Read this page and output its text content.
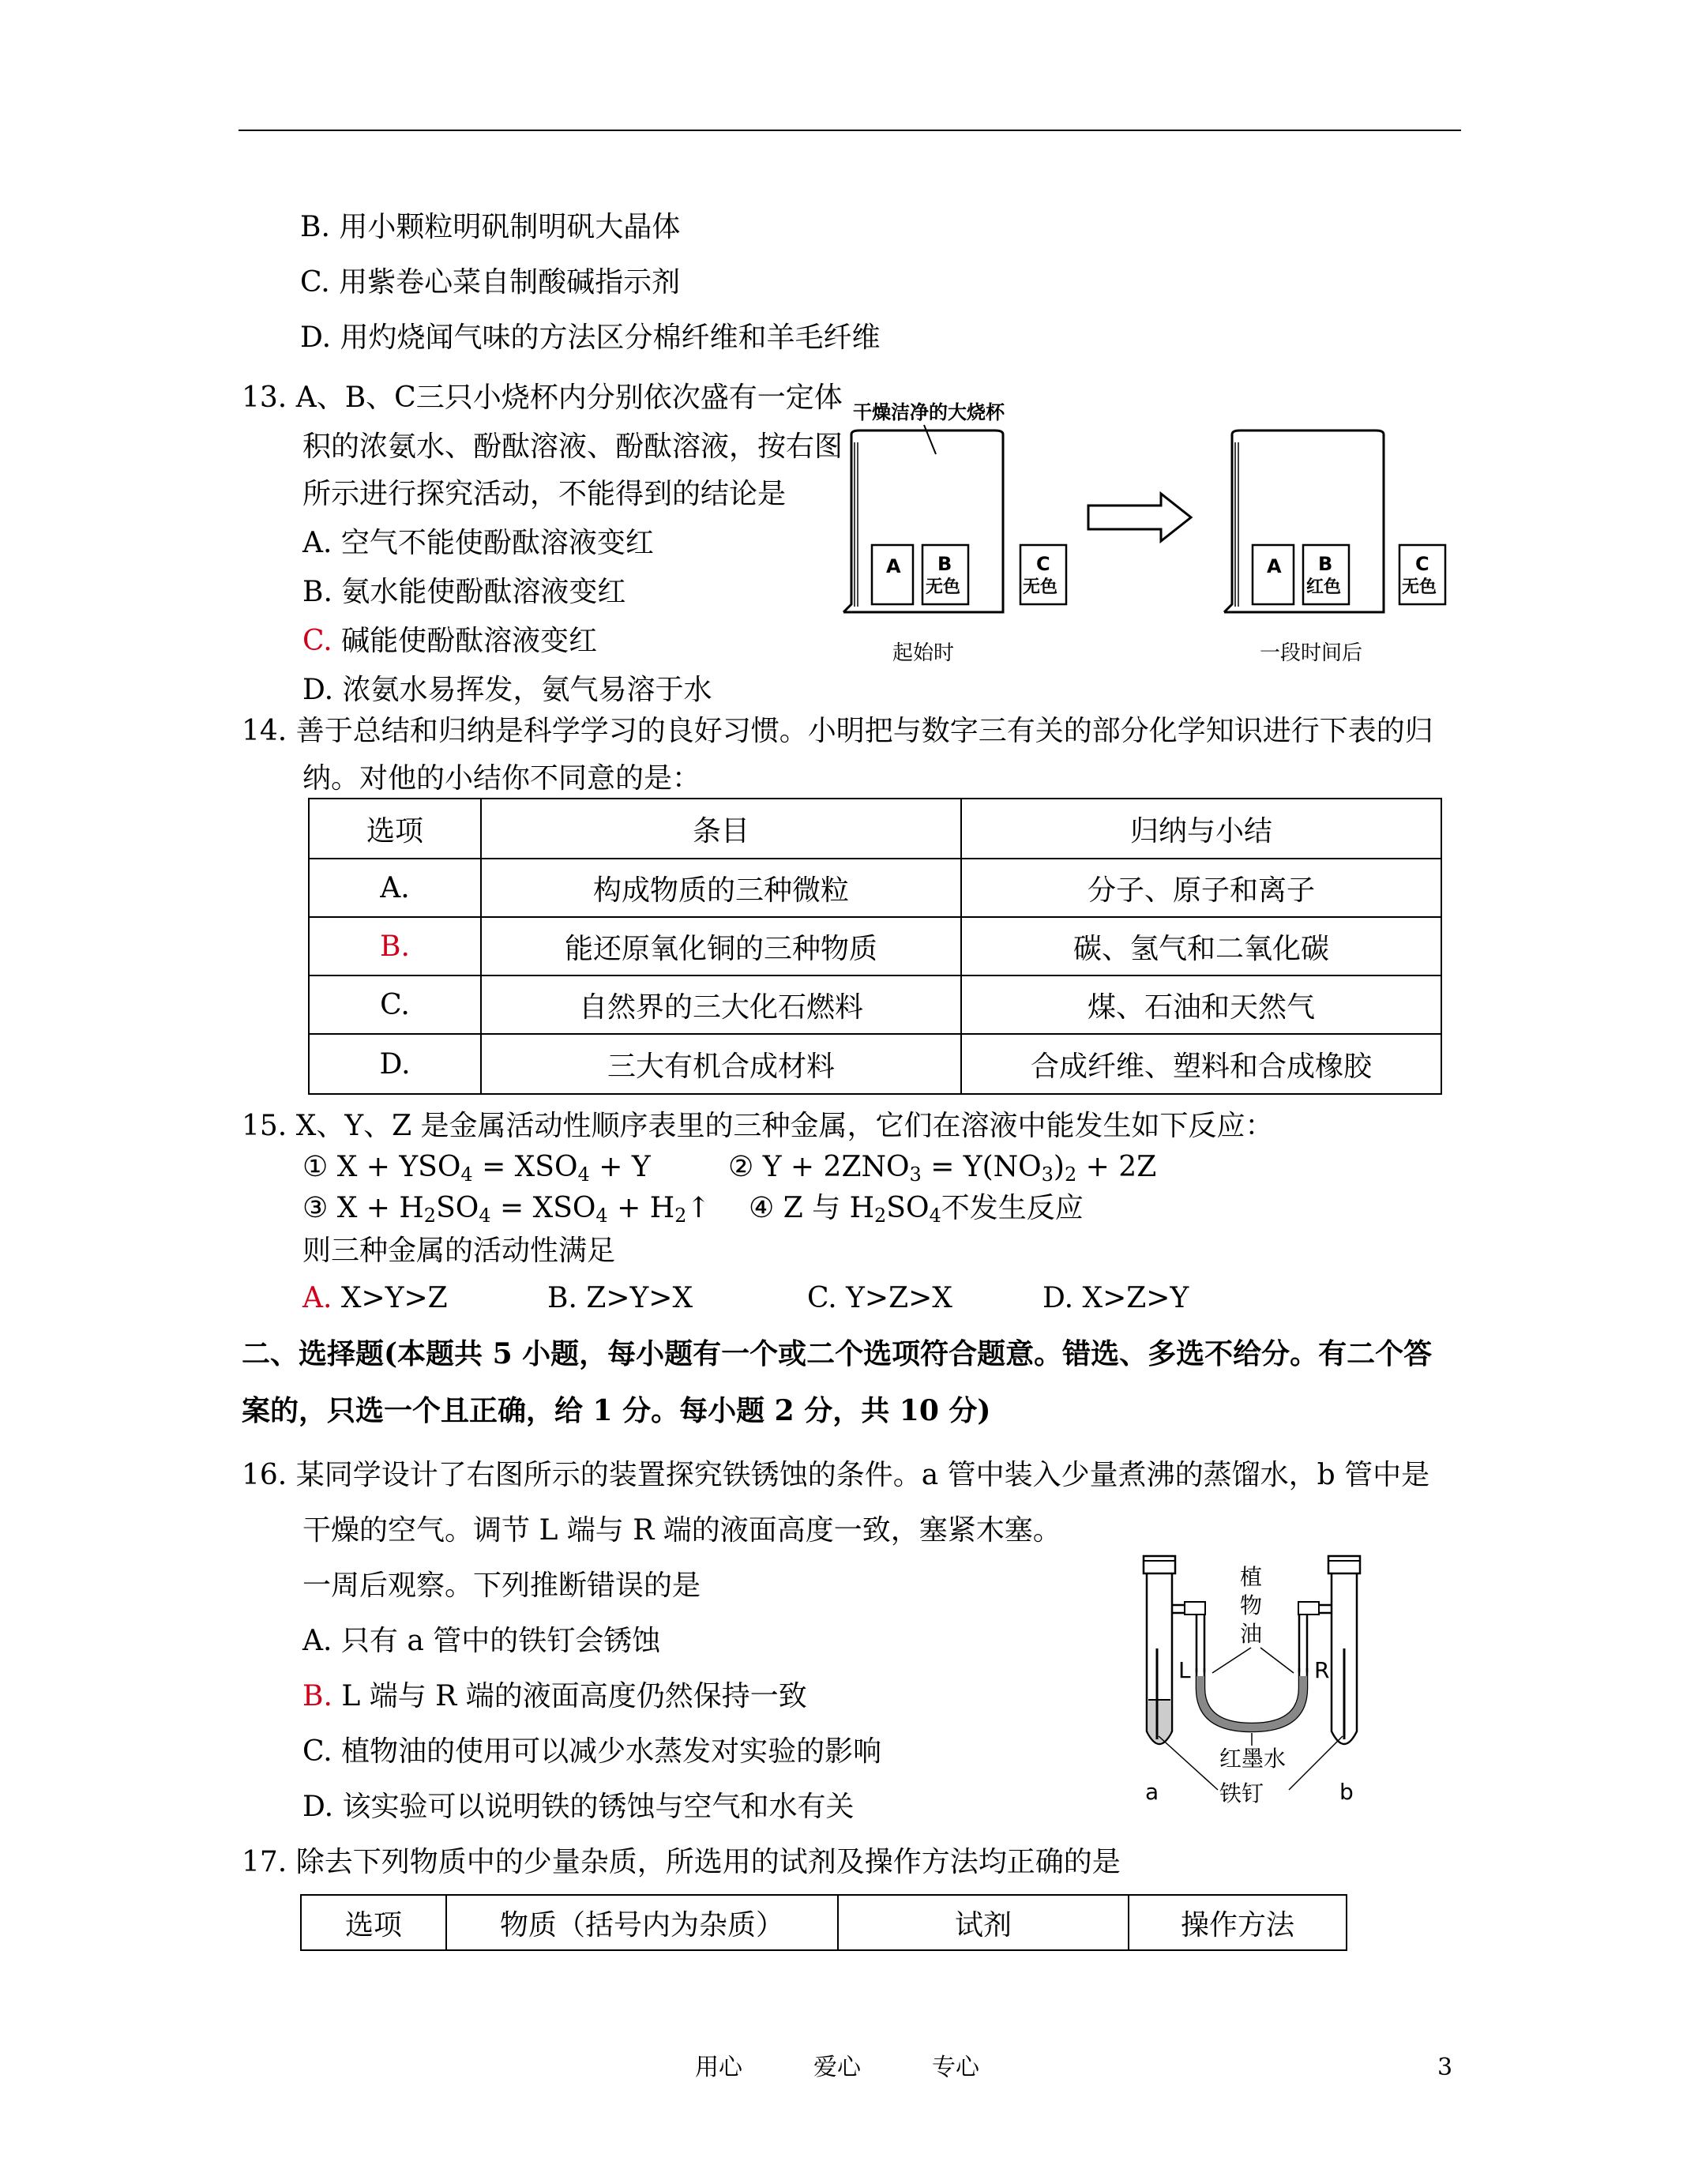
B. 用小颗粒明矾制明矾大晶体
C. 用紫卷心菜自制酸碱指示剂
D. 用灼烧闻气味的方法区分棉纤维和羊毛纤维
13. A、B、C三只小烧杯内分别依次盛有一定体
积的浓氨水、酚酞溶液、酚酞溶液，按右图
所示进行探究活动，不能得到的结论是
A. 空气不能使酚酞溶液变红
B. 氨水能使酚酞溶液变红
C. 碱能使酚酞溶液变红
D. 浓氨水易挥发，氨气易溶于水
干燥洁净的大烧杯
A B
无色
C
无色
起始时
A B
红色
C
无色
一段时间后
14. 善于总结和归纳是科学学习的良好习惯。小明把与数字三有关的部分化学知识进行下表的归
纳。对他的小结你不同意的是：
选项	条目	归纳与小结
A.	构成物质的三种微粒	分子、原子和离子
B.	能还原氧化铜的三种物质	碳、氢气和二氧化碳
C.	自然界的三大化石燃料	煤、石油和天然气
D.	三大有机合成材料	合成纤维、塑料和合成橡胶
15. X、Y、Z 是金属活动性顺序表里的三种金属，它们在溶液中能发生如下反应：
① $X + YSO_4 = XSO_4 + Y$	② $Y + 2ZNO_3 = Y(NO_3)_2 + 2Z$
③ $X + H_2SO_4 = XSO_4$ + $H_2↑$ ④ Z 与 $H_2SO_4$不发生反应
则三种金属的活动性满足
A. X>Y>Z	B. Z>Y>X	C. Y>Z>X	D. X>Z>Y
二、选择题(本题共 5 小题，每小题有一个或二个选项符合题意。错选、多选不给分。有二个答
案的，只选一个且正确，给 1 分。每小题 2 分，共 10 分)
16. 某同学设计了右图所示的装置探究铁锈蚀的条件。a 管中装入少量煮沸的蒸馏水，b 管中是
干燥的空气。调节 L 端与 R 端的液面高度一致，塞紧木塞。
一周后观察。下列推断错误的是
A. 只有 a 管中的铁钉会锈蚀
B. L 端与 R 端的液面高度仍然保持一致
C. 植物油的使用可以减少水蒸发对实验的影响
D. 该实验可以说明铁的锈蚀与空气和水有关
植
物
油
L	R
红墨水
铁钉
a	b
17. 除去下列物质中的少量杂质，所选用的试剂及操作方法均正确的是
选项	物质（括号内为杂质）	试剂	操作方法
用心	爱心	专心	3
